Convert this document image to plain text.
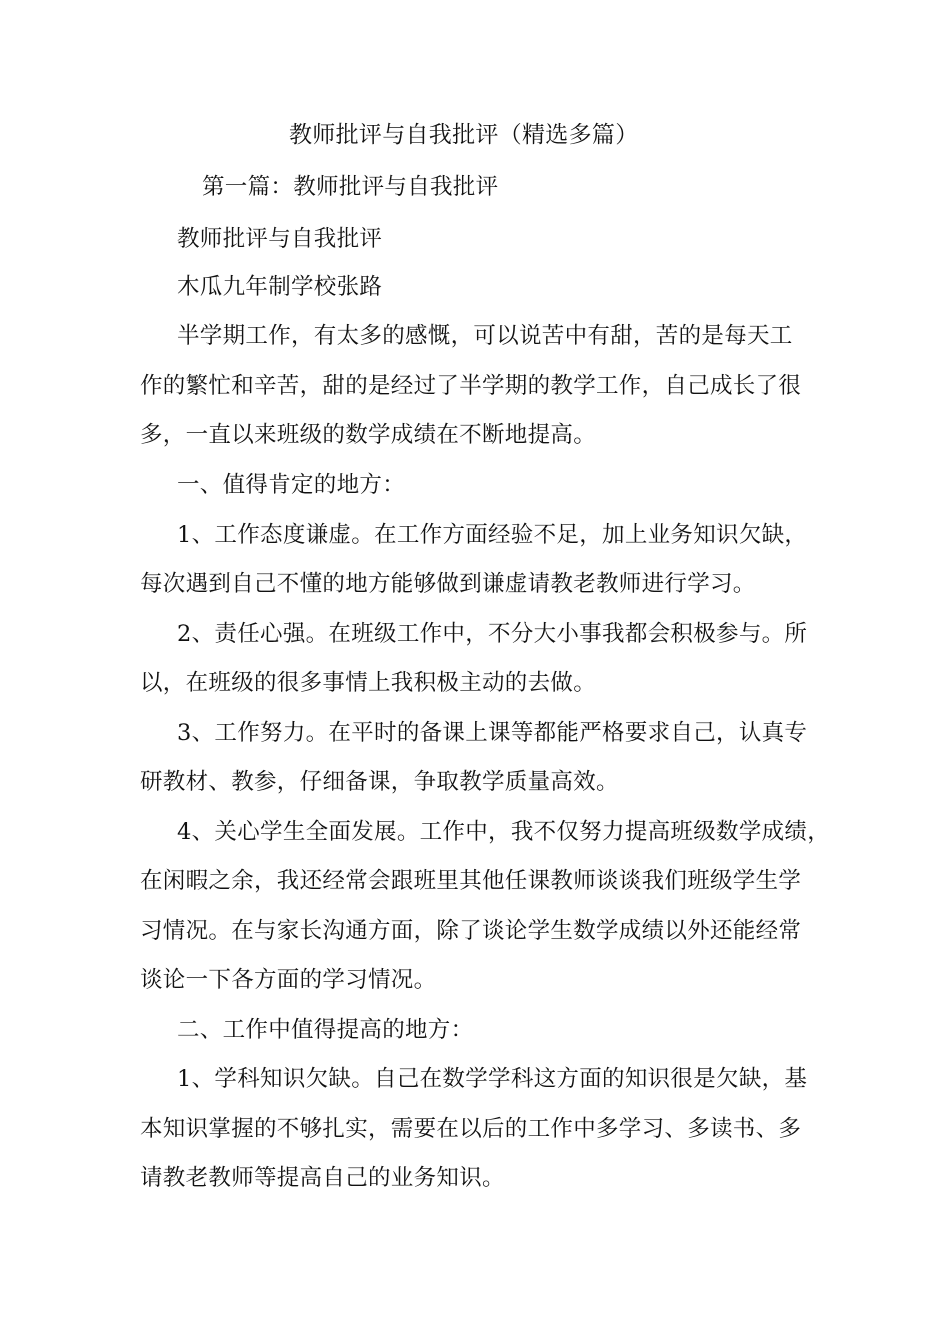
教师批评与自我批评（精选多篇）

第一篇：教师批评与自我批评

教师批评与自我批评

木瓜九年制学校张路

半学期工作，有太多的感慨，可以说苦中有甜，苦的是每天工

作的繁忙和辛苦，甜的是经过了半学期的教学工作，自己成长了很

多，一直以来班级的数学成绩在不断地提高。

一、值得肯定的地方：

1、工作态度谦虚。在工作方面经验不足，加上业务知识欠缺，

每次遇到自己不懂的地方能够做到谦虚请教老教师进行学习。

2、责任心强。在班级工作中，不分大小事我都会积极参与。所

以，在班级的很多事情上我积极主动的去做。

3、工作努力。在平时的备课上课等都能严格要求自己，认真专

研教材、教参，仔细备课，争取教学质量高效。

4、关心学生全面发展。工作中，我不仅努力提高班级数学成绩，

在闲暇之余，我还经常会跟班里其他任课教师谈谈我们班级学生学

习情况。在与家长沟通方面，除了谈论学生数学成绩以外还能经常

谈论一下各方面的学习情况。

二、工作中值得提高的地方：

1、学科知识欠缺。自己在数学学科这方面的知识很是欠缺，基

本知识掌握的不够扎实，需要在以后的工作中多学习、多读书、多

请教老教师等提高自己的业务知识。
